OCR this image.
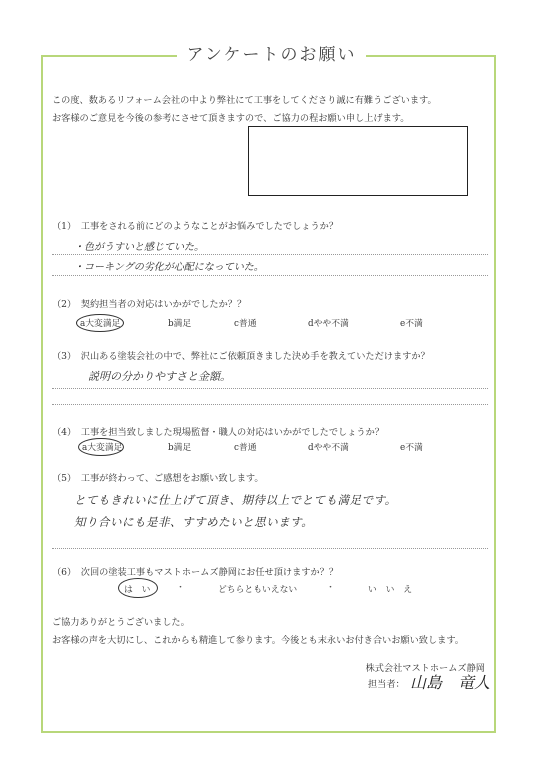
アンケートのお願い
この度、数あるリフォーム会社の中より弊社にて工事をしてくださり誠に有難うございます。
お客様のご意見を今後の参考にさせて頂きますので、ご協力の程お願い申し上げます。
（1）　工事をされる前にどのようなことがお悩みでしたでしょうか？
・色がうすいと感じていた。
・コーキングの劣化が心配になっていた。
（2）　契約担当者の対応はいかがでしたか？？
a大変満足	b満足	c普通	dやや不満	e不満
（3）　沢山ある塗装会社の中で、弊社にご依頼頂きました決め手を教えていただけますか？
説明の分かりやすさと金額。
（4）　工事を担当致しました現場監督・職人の対応はいかがでしたでしょうか？
a大変満足	b満足	c普通	dやや不満	e不満
（5）　工事が終わって、ご感想をお願い致します。
とてもきれいに仕上げて頂き、期待以上でとても満足です。
知り合いにも是非、すすめたいと思います。
（6）　次回の塗装工事もマストホームズ静岡にお任せ頂けますか？？
は　い	・	どちらともいえない	・	い　い　え
ご協力ありがとうございました。
お客様の声を大切にし、これからも精進して参ります。今後とも末永いお付き合いお願い致します。
株式会社マストホームズ静岡
担当者： 山島　竜人
